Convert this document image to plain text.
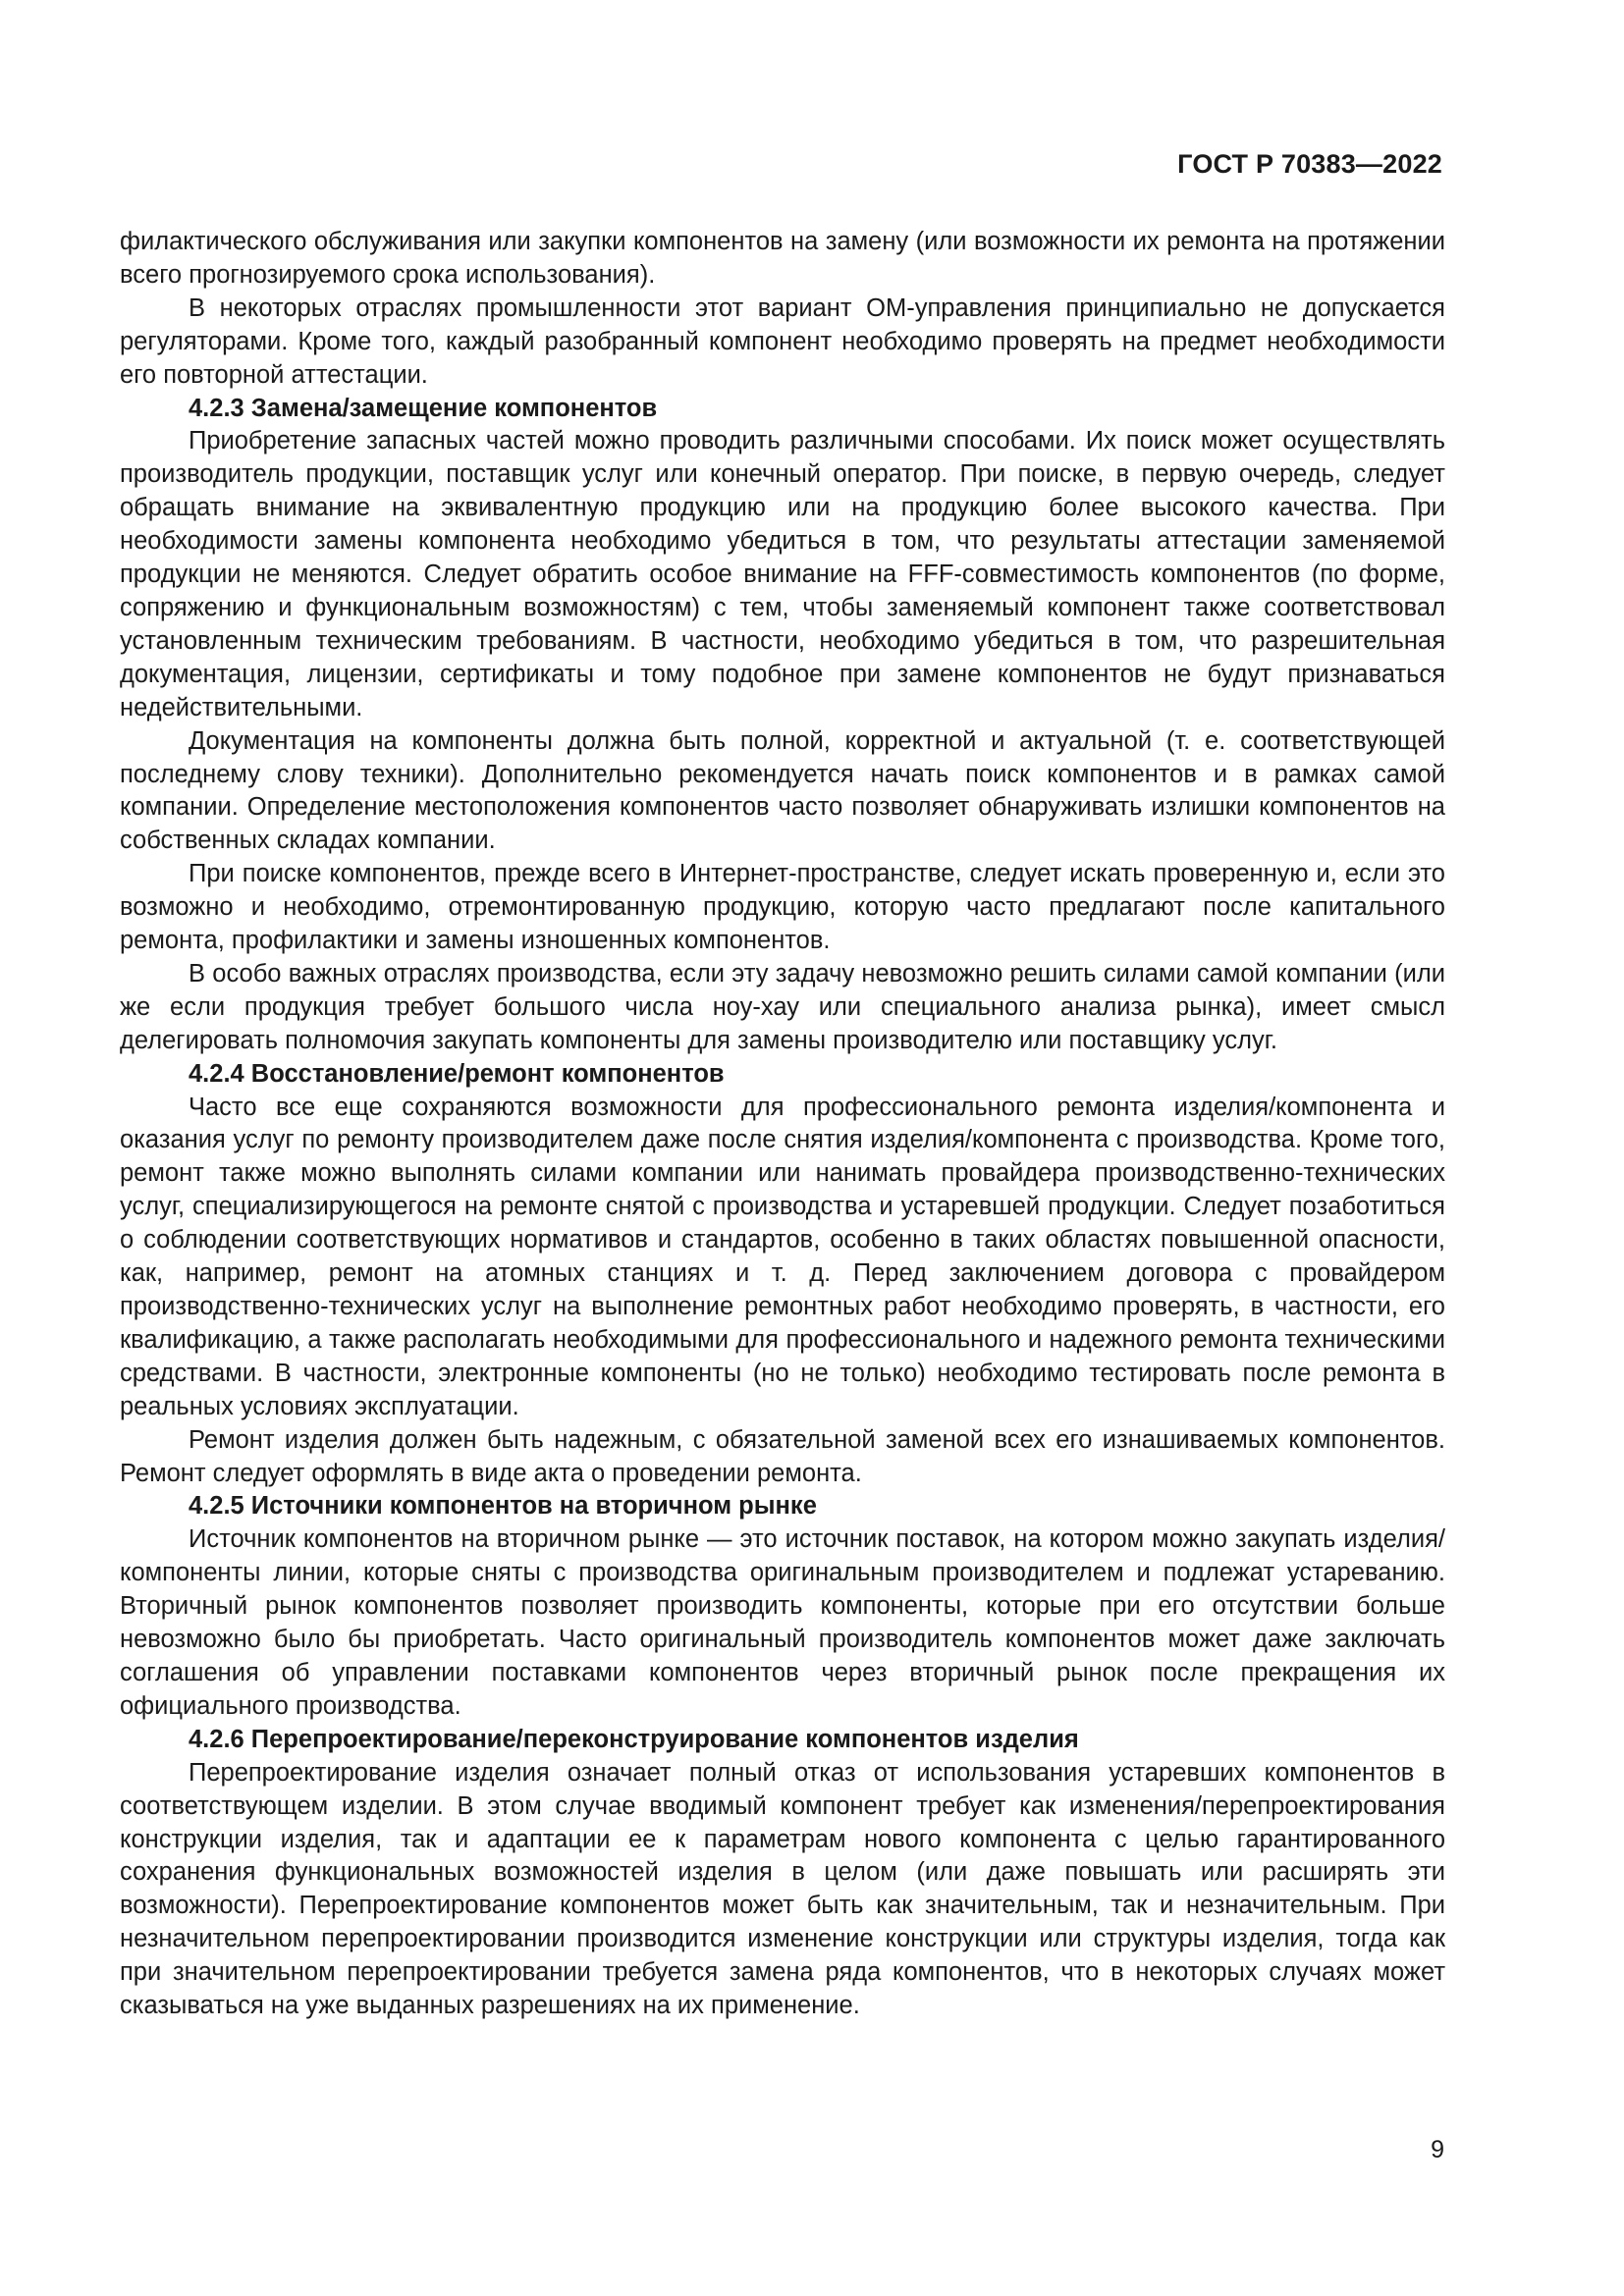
ГОСТ Р 70383—2022

филактического обслуживания или закупки компонентов на замену (или возможности их ремонта на протяжении всего прогнозируемого срока использования).

В некоторых отраслях промышленности этот вариант ОМ-управления принципиально не допускается регуляторами. Кроме того, каждый разобранный компонент необходимо проверять на предмет необходимости его повторной аттестации.

4.2.3 Замена/замещение компонентов

Приобретение запасных частей можно проводить различными способами. Их поиск может осуществлять производитель продукции, поставщик услуг или конечный оператор. При поиске, в первую очередь, следует обращать внимание на эквивалентную продукцию или на продукцию более высокого качества. При необходимости замены компонента необходимо убедиться в том, что результаты аттестации заменяемой продукции не меняются. Следует обратить особое внимание на FFF-совместимость компонентов (по форме, сопряжению и функциональным возможностям) с тем, чтобы заменяемый компонент также соответствовал установленным техническим требованиям. В частности, необходимо убедиться в том, что разрешительная документация, лицензии, сертификаты и тому подобное при замене компонентов не будут признаваться недействительными.

Документация на компоненты должна быть полной, корректной и актуальной (т. е. соответствующей последнему слову техники). Дополнительно рекомендуется начать поиск компонентов и в рамках самой компании. Определение местоположения компонентов часто позволяет обнаруживать излишки компонентов на собственных складах компании.

При поиске компонентов, прежде всего в Интернет-пространстве, следует искать проверенную и, если это возможно и необходимо, отремонтированную продукцию, которую часто предлагают после капитального ремонта, профилактики и замены изношенных компонентов.

В особо важных отраслях производства, если эту задачу невозможно решить силами самой компании (или же если продукция требует большого числа ноу-хау или специального анализа рынка), имеет смысл делегировать полномочия закупать компоненты для замены производителю или поставщику услуг.

4.2.4 Восстановление/ремонт компонентов

Часто все еще сохраняются возможности для профессионального ремонта изделия/компонента и оказания услуг по ремонту производителем даже после снятия изделия/компонента с производства. Кроме того, ремонт также можно выполнять силами компании или нанимать провайдера производственно-технических услуг, специализирующегося на ремонте снятой с производства и устаревшей продукции. Следует позаботиться о соблюдении соответствующих нормативов и стандартов, особенно в таких областях повышенной опасности, как, например, ремонт на атомных станциях и т. д. Перед заключением договора с провайдером производственно-технических услуг на выполнение ремонтных работ необходимо проверять, в частности, его квалификацию, а также располагать необходимыми для профессионального и надежного ремонта техническими средствами. В частности, электронные компоненты (но не только) необходимо тестировать после ремонта в реальных условиях эксплуатации.

Ремонт изделия должен быть надежным, с обязательной заменой всех его изнашиваемых компонентов. Ремонт следует оформлять в виде акта о проведении ремонта.

4.2.5 Источники компонентов на вторичном рынке

Источник компонентов на вторичном рынке — это источник поставок, на котором можно закупать изделия/компоненты линии, которые сняты с производства оригинальным производителем и подлежат устареванию. Вторичный рынок компонентов позволяет производить компоненты, которые при его отсутствии больше невозможно было бы приобретать. Часто оригинальный производитель компонентов может даже заключать соглашения об управлении поставками компонентов через вторичный рынок после прекращения их официального производства.

4.2.6 Перепроектирование/переконструирование компонентов изделия

Перепроектирование изделия означает полный отказ от использования устаревших компонентов в соответствующем изделии. В этом случае вводимый компонент требует как изменения/перепроектирования конструкции изделия, так и адаптации ее к параметрам нового компонента с целью гарантированного сохранения функциональных возможностей изделия в целом (или даже повышать или расширять эти возможности). Перепроектирование компонентов может быть как значительным, так и незначительным. При незначительном перепроектировании производится изменение конструкции или структуры изделия, тогда как при значительном перепроектировании требуется замена ряда компонентов, что в некоторых случаях может сказываться на уже выданных разрешениях на их применение.

9
